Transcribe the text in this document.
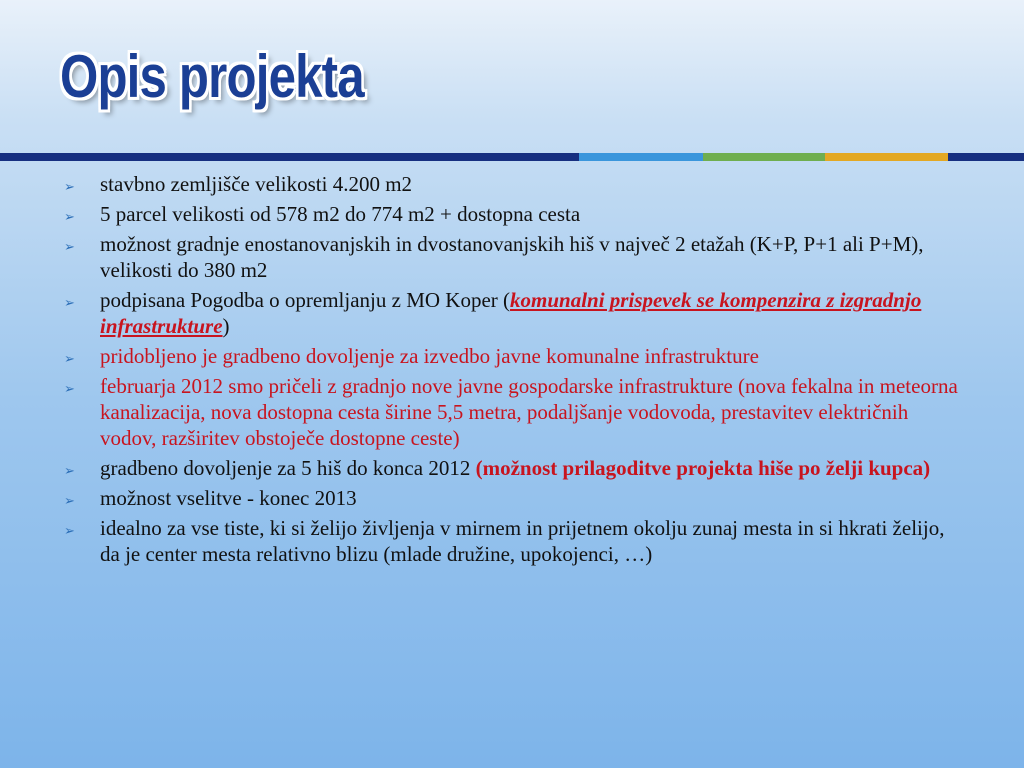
Opis projekta
➢ stavbno zemljišče velikosti 4.200 m2
➢ 5 parcel velikosti od 578 m2 do 774 m2 + dostopna cesta
➢ možnost gradnje enostanovanjskih in dvostanovanjskih hiš v največ 2 etažah (K+P, P+1 ali P+M), velikosti do 380 m2
➢ podpisana Pogodba o opremljanju z MO Koper (komunalni prispevek se kompenzira z izgradnjo infrastrukture)
➢ pridobljeno je gradbeno dovoljenje za izvedbo javne komunalne infrastrukture
➢ februarja 2012 smo pričeli z gradnjo nove javne gospodarske infrastrukture (nova fekalna in meteorna kanalizacija, nova dostopna cesta širine 5,5 metra, podaljšanje vodovoda, prestavitev električnih vodov, razširitev obstoječe dostopne ceste)
➢ gradbeno dovoljenje za 5 hiš do konca 2012 (možnost prilagoditve projekta hiše po želji kupca)
➢ možnost vselitve - konec 2013
➢ idealno za vse tiste, ki si želijo življenja v mirnem in prijetnem okolju zunaj mesta in si hkrati želijo, da je center mesta relativno blizu (mlade družine, upokojenci, …)
